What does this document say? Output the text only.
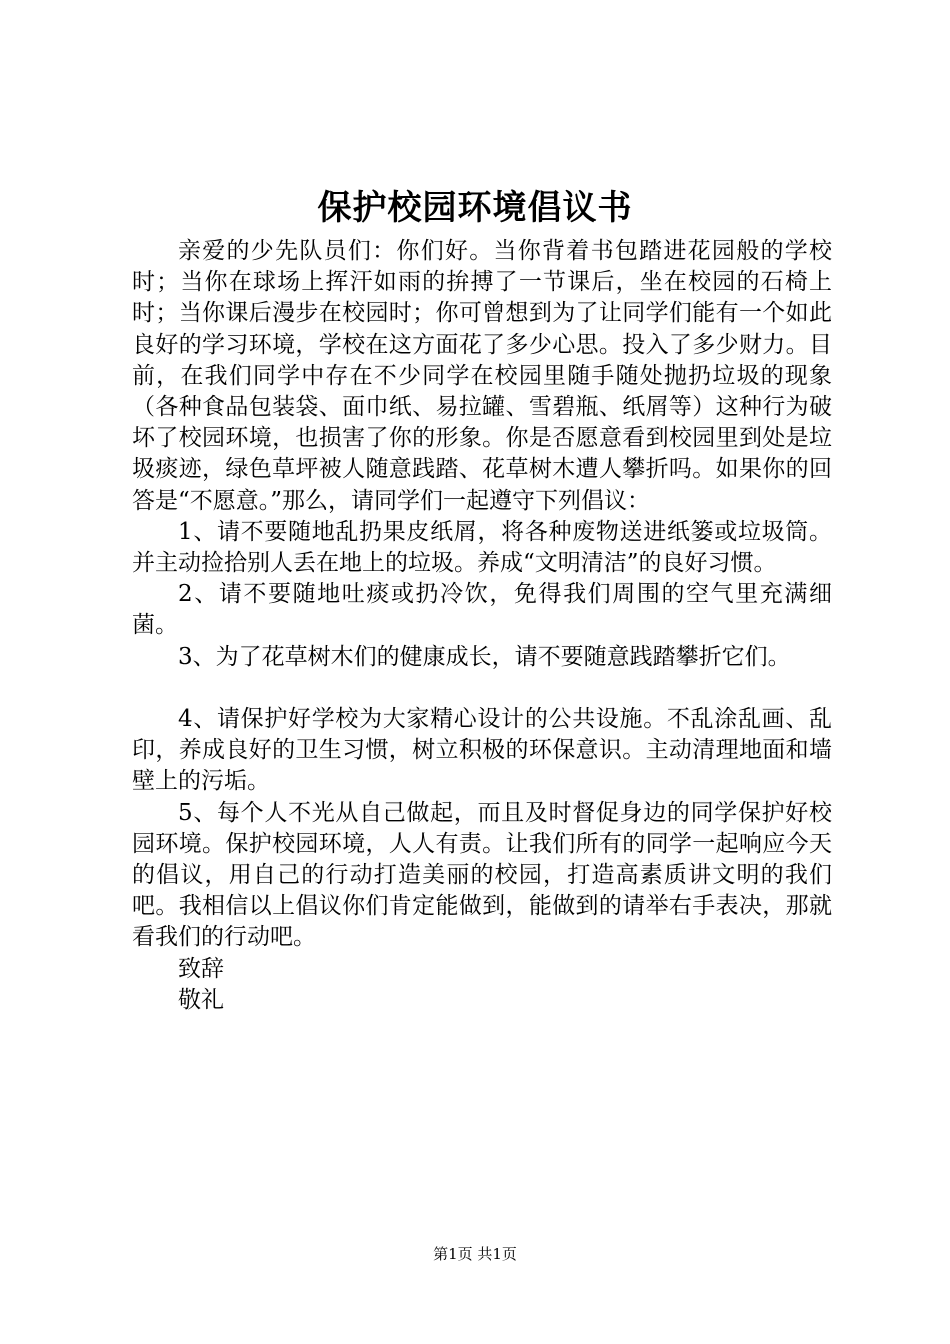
保护校园环境倡议书

亲爱的少先队员们：你们好。当你背着书包踏进花园般的学校时；当你在球场上挥汗如雨的拚搏了一节课后，坐在校园的石椅上时；当你课后漫步在校园时；你可曾想到为了让同学们能有一个如此良好的学习环境，学校在这方面花了多少心思。投入了多少财力。目前，在我们同学中存在不少同学在校园里随手随处抛扔垃圾的现象（各种食品包装袋、面巾纸、易拉罐、雪碧瓶、纸屑等）这种行为破坏了校园环境，也损害了你的形象。你是否愿意看到校园里到处是垃圾痰迹，绿色草坪被人随意践踏、花草树木遭人攀折吗。如果你的回答是“不愿意。”那么，请同学们一起遵守下列倡议：

1、请不要随地乱扔果皮纸屑，将各种废物送进纸篓或垃圾筒。并主动捡拾别人丢在地上的垃圾。养成“文明清洁”的良好习惯。

2、请不要随地吐痰或扔冷饮，免得我们周围的空气里充满细菌。

3、为了花草树木们的健康成长，请不要随意践踏攀折它们。

4、请保护好学校为大家精心设计的公共设施。不乱涂乱画、乱印，养成良好的卫生习惯，树立积极的环保意识。主动清理地面和墙壁上的污垢。

5、每个人不光从自己做起，而且及时督促身边的同学保护好校园环境。保护校园环境，人人有责。让我们所有的同学一起响应今天的倡议，用自己的行动打造美丽的校园，打造高素质讲文明的我们吧。我相信以上倡议你们肯定能做到，能做到的请举右手表决，那就看我们的行动吧。

致辞

敬礼

第1页 共1页
